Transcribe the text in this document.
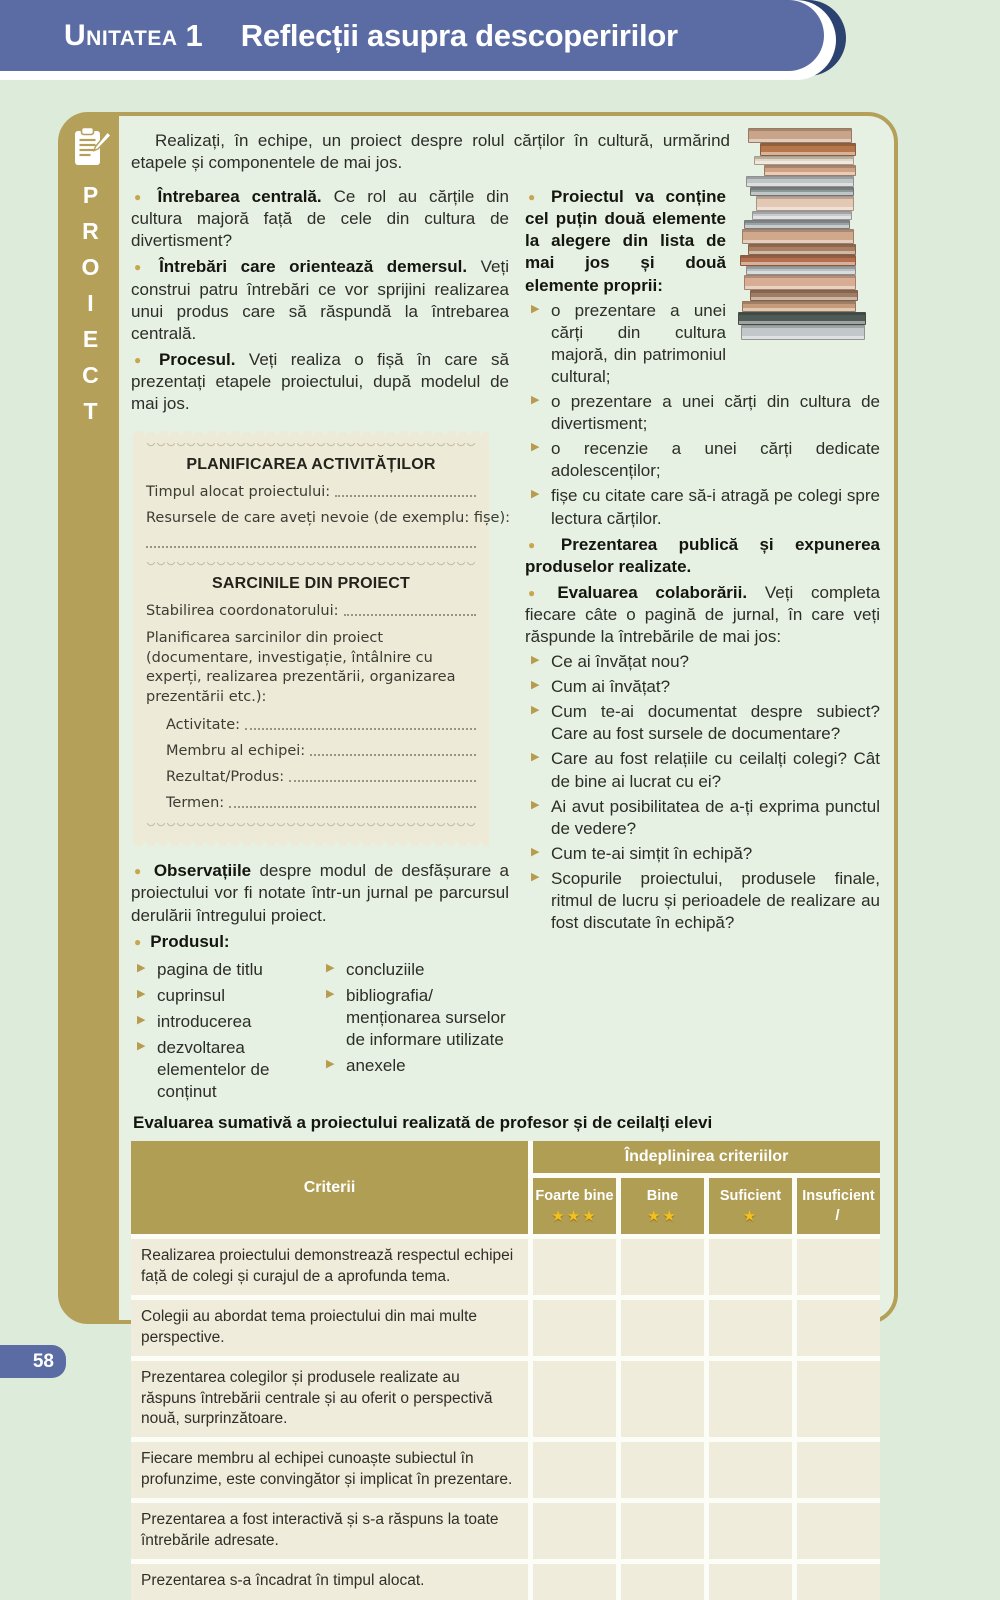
Unitatea 1 Reflecții asupra descoperirilor
P
R
O
I
E
C
T

Realizați, în echipe, un proiect despre rolul cărților în cultură, urmărind etapele și componentele de mai jos.

● Întrebarea centrală. Ce rol au cărțile din cultura majoră față de cele din cultura de divertisment?

● Întrebări care orientează demersul. Veți construi patru întrebări ce vor sprijini realizarea unui produs care să răspundă la întrebarea centrală.

● Procesul. Veți realiza o fișă în care să prezentați etapele proiectului, după modelul de mai jos.

PLANIFICAREA ACTIVITĂȚILOR
Timpul alocat proiectului:
Resursele de care aveți nevoie (de exemplu: fișe):
SARCINILE DIN PROIECT
Stabilirea coordonatorului:

Planificarea sarcinilor din proiect (documentare, investigație, întâlnire cu experți, realizarea prezentării, organizarea prezentării etc.):

Activitate:
Membru al echipei:
Rezultat/Produs:
Termen:

● Observațiile despre modul de desfășurare a proiectului vor fi notate într-un jurnal pe parcursul derulării întregului proiect.

● Produsul:

▶ pagina de titlu
▶ cuprinsul
▶ introducerea
▶ dezvoltarea elementelor de conținut
▶ concluziile
▶ bibliografia/ menționarea surselor de informare utilizate
▶ anexele

● Proiectul va conține cel puțin două elemente la alegere din lista de mai jos și două elemente proprii:

▶ o prezentare a unei cărți din cultura majoră, din patrimoniul cultural;
▶ o prezentare a unei cărți din cultura de divertisment;
▶ o recenzie a unei cărți dedicate adolescenților;
▶ fișe cu citate care să-i atragă pe colegi spre lectura cărților.

● Prezentarea publică și expunerea produselor realizate.

● Evaluarea colaborării. Veți completa fiecare câte o pagină de jurnal, în care veți răspunde la întrebările de mai jos:

▶ Ce ai învățat nou?
▶ Cum ai învățat?
▶ Cum te-ai documentat despre subiect? Care au fost sursele de documentare?
▶ Care au fost relațiile cu ceilalți colegi? Cât de bine ai lucrat cu ei?
▶ Ai avut posibilitatea de a-ți exprima punctul de vedere?
▶ Cum te-ai simțit în echipă?
▶ Scopurile proiectului, produsele finale, ritmul de lucru și perioadele de realizare au fost discutate în echipă?

Evaluarea sumativă a proiectului realizată de profesor și de ceilalți elevi

Criterii
Îndeplinirea criteriilor
Foarte bine
★★★
Bine
★★
Suficient
★
Insuficient
/
Realizarea proiectului demonstrează respectul echipei față de colegi și curajul de a aprofunda tema.
Colegii au abordat tema proiectului din mai multe perspective.
Prezentarea colegilor și produsele realizate au răspuns întrebării centrale și au oferit o perspectivă nouă, surprinzătoare.
Fiecare membru al echipei cunoaște subiectul în profunzime, este convingător și implicat în prezentare.
Prezentarea a fost interactivă și s-a răspuns la toate întrebările adresate.
Prezentarea s-a încadrat în timpul alocat.
58
